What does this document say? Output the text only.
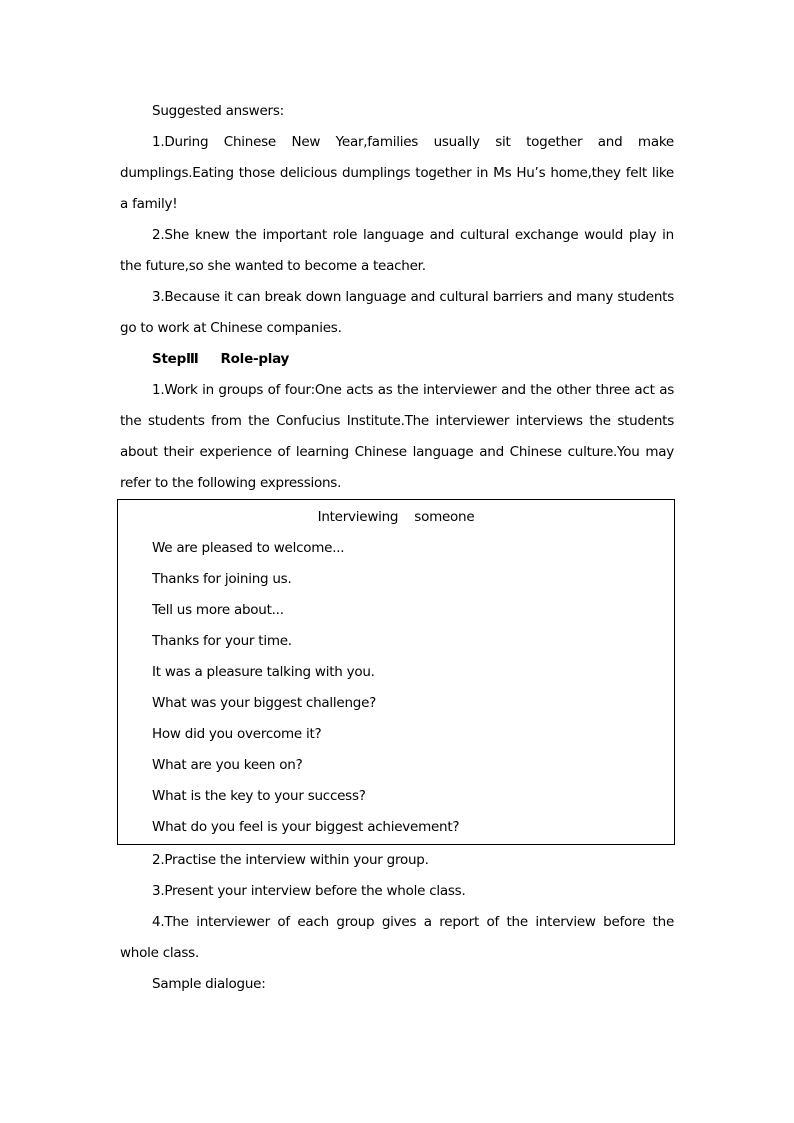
Suggested answers:

1.During Chinese New Year,families usually sit together and make dumplings.Eating those delicious dumplings together in Ms Hu’s home,they felt like a family!

2.She knew the important role language and cultural exchange would play in the future,so she wanted to become a teacher.

3.Because it can break down language and cultural barriers and many students go to work at Chinese companies.

StepⅢ Role-play

1.Work in groups of four:One acts as the interviewer and the other three act as the students from the Confucius Institute.The interviewer interviews the students about their experience of learning Chinese language and Chinese culture.You may refer to the following expressions.

Interviewing someone
We are pleased to welcome...
Thanks for joining us.
Tell us more about...
Thanks for your time.
It was a pleasure talking with you.
What was your biggest challenge?
How did you overcome it?
What are you keen on?
What is the key to your success?
What do you feel is your biggest achievement?

2.Practise the interview within your group.

3.Present your interview before the whole class.

4.The interviewer of each group gives a report of the interview before the whole class.

Sample dialogue:
